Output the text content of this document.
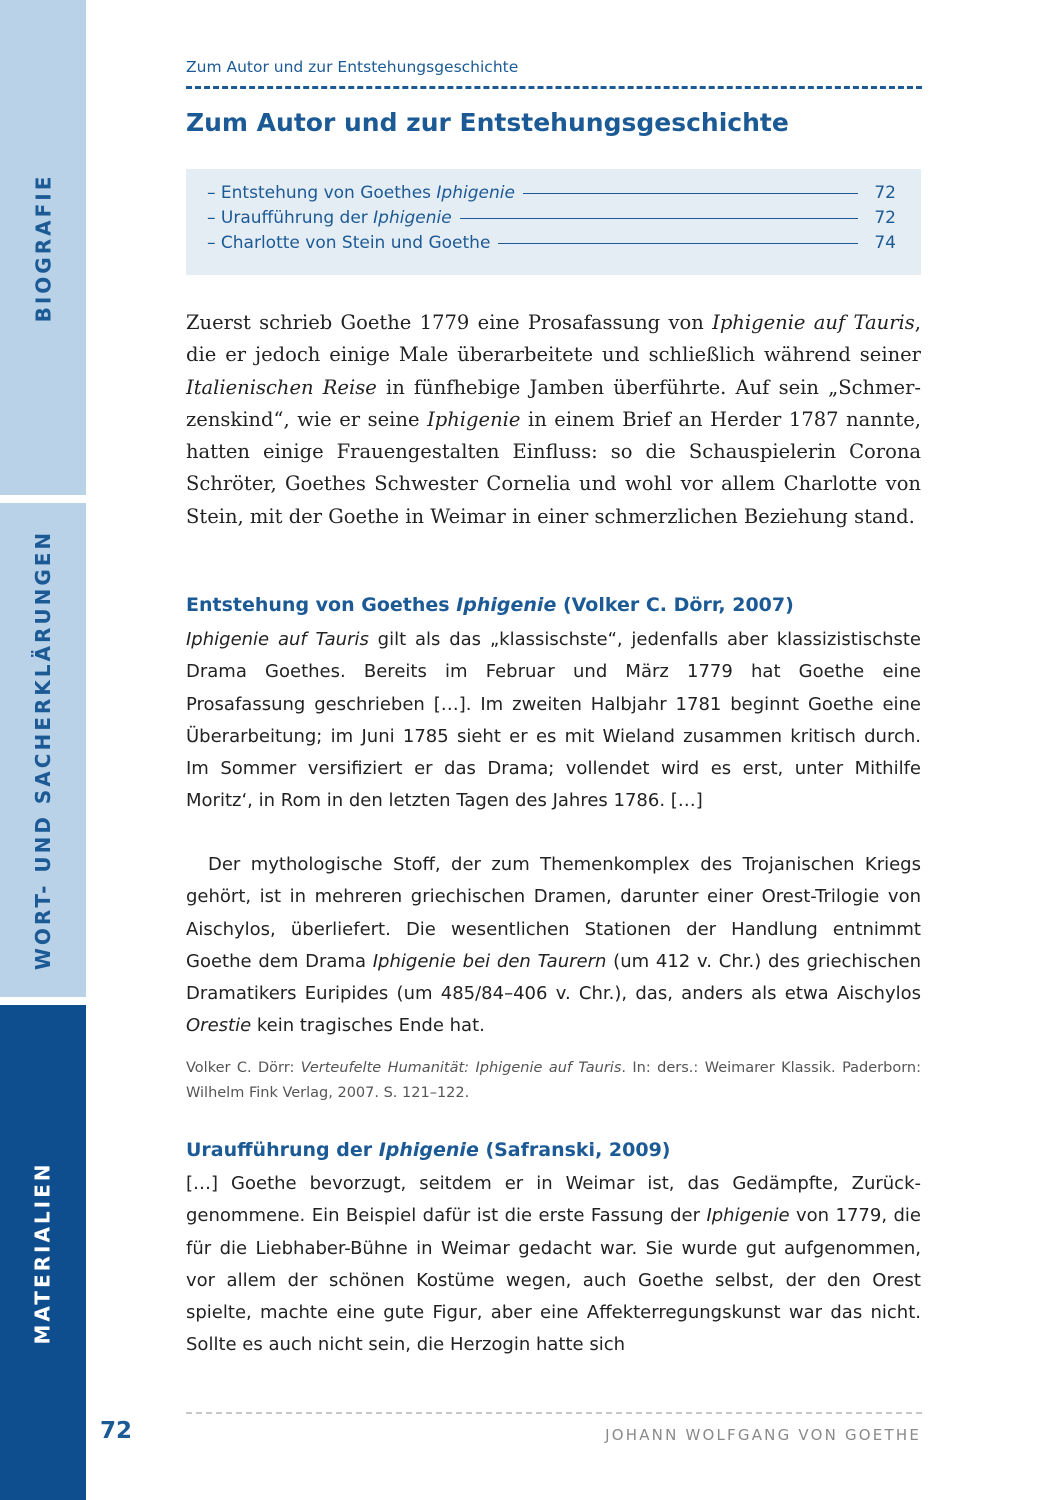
BIOGRAFIE
WORT- UND SACHERKLÄRUNGEN
MATERIALIEN
Zum Autor und zur Entstehungsgeschichte
Zum Autor und zur Entstehungsgeschichte
– Entstehung von Goethes Iphigenie	72
– Uraufführung der Iphigenie	72
– Charlotte von Stein und Goethe	74

Zuerst schrieb Goethe 1779 eine Prosafassung von Iphigenie auf Tauris, die er jedoch einige Male überarbeitete und schließlich während seiner Italienischen Reise in fünfhebige Jamben überführte. Auf sein „Schmerzenskind“, wie er seine Iphigenie in einem Brief an Herder 1787 nannte, hatten einige Frauengestalten Einfluss: so die Schauspielerin Corona Schröter, Goethes Schwester Cornelia und wohl vor allem Charlotte von Stein, mit der Goethe in Weimar in einer schmerzlichen Beziehung stand.

Entstehung von Goethes Iphigenie (Volker C. Dörr, 2007)

Iphigenie auf Tauris gilt als das „klassischste“, jedenfalls aber klassizistischste Drama Goethes. Bereits im Februar und März 1779 hat Goethe eine Prosafassung geschrieben […]. Im zweiten Halbjahr 1781 beginnt Goethe eine Überarbeitung; im Juni 1785 sieht er es mit Wieland zusammen kritisch durch. Im Sommer versifiziert er das Drama; vollendet wird es erst, unter Mithilfe Moritz‘, in Rom in den letzten Tagen des Jahres 1786. […]

Der mythologische Stoff, der zum Themenkomplex des Trojanischen Kriegs gehört, ist in mehreren griechischen Dramen, darunter einer Orest-Trilogie von Aischylos, überliefert. Die wesentlichen Stationen der Handlung entnimmt Goethe dem Drama Iphigenie bei den Taurern (um 412 v. Chr.) des griechischen Dramatikers Euripides (um 485/84–406 v. Chr.), das, anders als etwa Aischylos Orestie kein tragisches Ende hat.

Volker C. Dörr: Verteufelte Humanität: Iphigenie auf Tauris. In: ders.: Weimarer Klassik. Paderborn: Wilhelm Fink Verlag, 2007. S. 121–122.

Uraufführung der Iphigenie (Safranski, 2009)

[…] Goethe bevorzugt, seitdem er in Weimar ist, das Gedämpfte, Zurückgenommene. Ein Beispiel dafür ist die erste Fassung der Iphigenie von 1779, die für die Liebhaber-Bühne in Weimar gedacht war. Sie wurde gut aufgenommen, vor allem der schönen Kostüme wegen, auch Goethe selbst, der den Orest spielte, machte eine gute Figur, aber eine Affekterregungskunst war das nicht. Sollte es auch nicht sein, die Herzogin hatte sich

72	JOHANN WOLFGANG VON GOETHE
